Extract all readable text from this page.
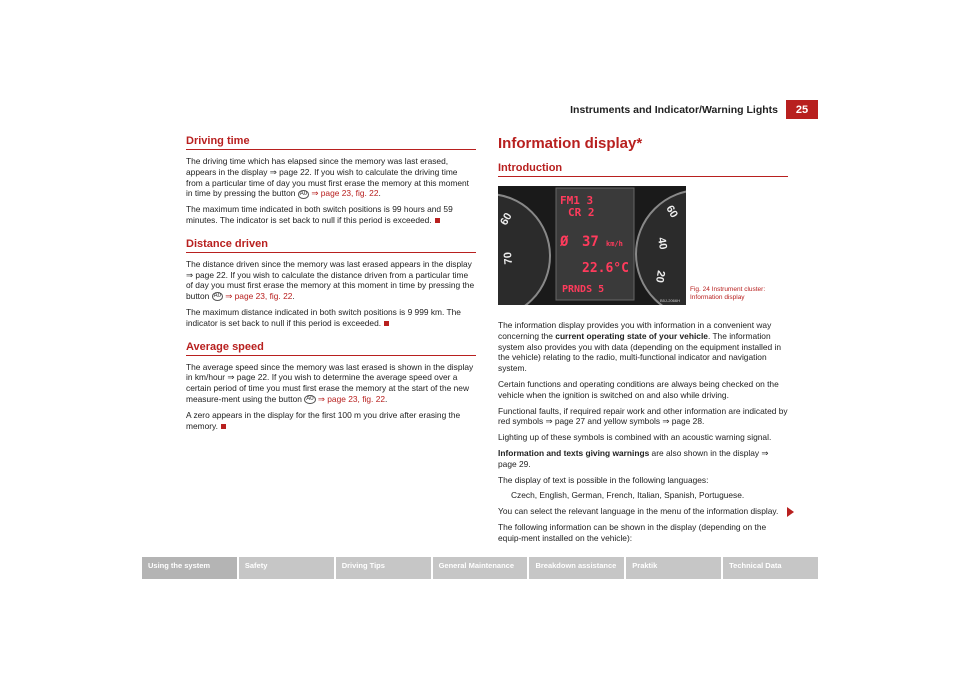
Instruments and Indicator/Warning Lights	25
Driving time

The driving time which has elapsed since the memory was last erased, appears in the display ⇒ page 22. If you wish to calculate the driving time from a particular time of day you must first erase the memory at this moment in time by pressing the button A0 ⇒ page 23, fig. 22.

The maximum time indicated in both switch positions is 99 hours and 59 minutes. The indicator is set back to null if this period is exceeded.

Distance driven

The distance driven since the memory was last erased appears in the display ⇒ page 22. If you wish to calculate the distance driven from a particular time of day you must first erase the memory at this moment in time by pressing the button A0 ⇒ page 23, fig. 22.

The maximum distance indicated in both switch positions is 9 999 km. The indicator is set back to null if this period is exceeded.

Average speed

The average speed since the memory was last erased is shown in the display in km/hour ⇒ page 22. If you wish to determine the average speed over a certain period of time you must first erase the memory at the start of the new measure-ment using the button A0 ⇒ page 23, fig. 22.

A zero appears in the display for the first 100 m you drive after erasing the memory.

Information display*
Introduction
60
70
60
40
20
FM1 3
CR 2
Ø 37 km/h
22.6°C
PRNDS 5
B5J-2066H
Fig. 24 Instrument cluster: Information display

The information display provides you with information in a convenient way concerning the current operating state of your vehicle. The information system also provides you with data (depending on the equipment installed in the vehicle) relating to the radio, multi-functional indicator and navigation system.

Certain functions and operating conditions are always being checked on the vehicle when the ignition is switched on and also while driving.

Functional faults, if required repair work and other information are indicated by red symbols ⇒ page 27 and yellow symbols ⇒ page 28.

Lighting up of these symbols is combined with an acoustic warning signal.

Information and texts giving warnings are also shown in the display ⇒ page 29.

The display of text is possible in the following languages:

Czech, English, German, French, Italian, Spanish, Portuguese.

You can select the relevant language in the menu of the information display.

The following information can be shown in the display (depending on the equip-ment installed on the vehicle):

Using the system	Safety	Driving Tips	General Maintenance	Breakdown assistance	Praktik	Technical Data
